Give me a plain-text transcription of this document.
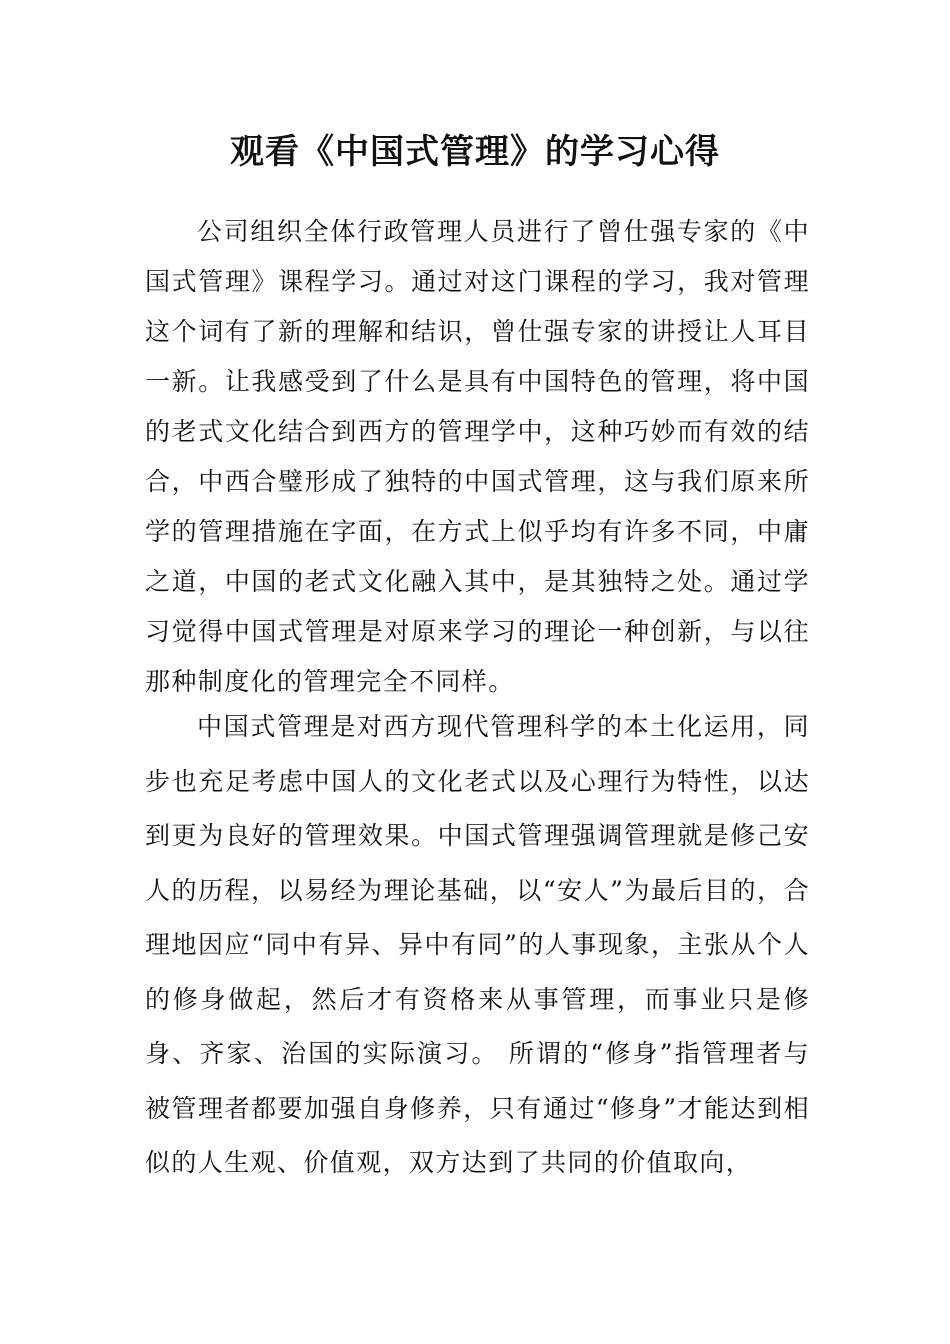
观看《中国式管理》的学习心得

公司组织全体行政管理人员进行了曾仕强专家的《中国式管理》课程学习。通过对这门课程的学习，我对管理这个词有了新的理解和结识，曾仕强专家的讲授让人耳目一新。让我感受到了什么是具有中国特色的管理，将中国的老式文化结合到西方的管理学中，这种巧妙而有效的结合，中西合璧形成了独特的中国式管理，这与我们原来所学的管理措施在字面，在方式上似乎均有许多不同，中庸之道，中国的老式文化融入其中，是其独特之处。通过学习觉得中国式管理是对原来学习的理论一种创新，与以往那种制度化的管理完全不同样。

中国式管理是对西方现代管理科学的本土化运用，同步也充足考虑中国人的文化老式以及心理行为特性，以达到更为良好的管理效果。中国式管理强调管理就是修己安人的历程，以易经为理论基础，以“安人”为最后目的，合理地因应“同中有异、异中有同”的人事现象，主张从个人的修身做起，然后才有资格来从事管理，而事业只是修身、齐家、治国的实际演习。 所谓的“修身”指管理者与被管理者都要加强自身修养，只有通过“修身”才能达到相似的人生观、价值观，双方达到了共同的价值取向，
